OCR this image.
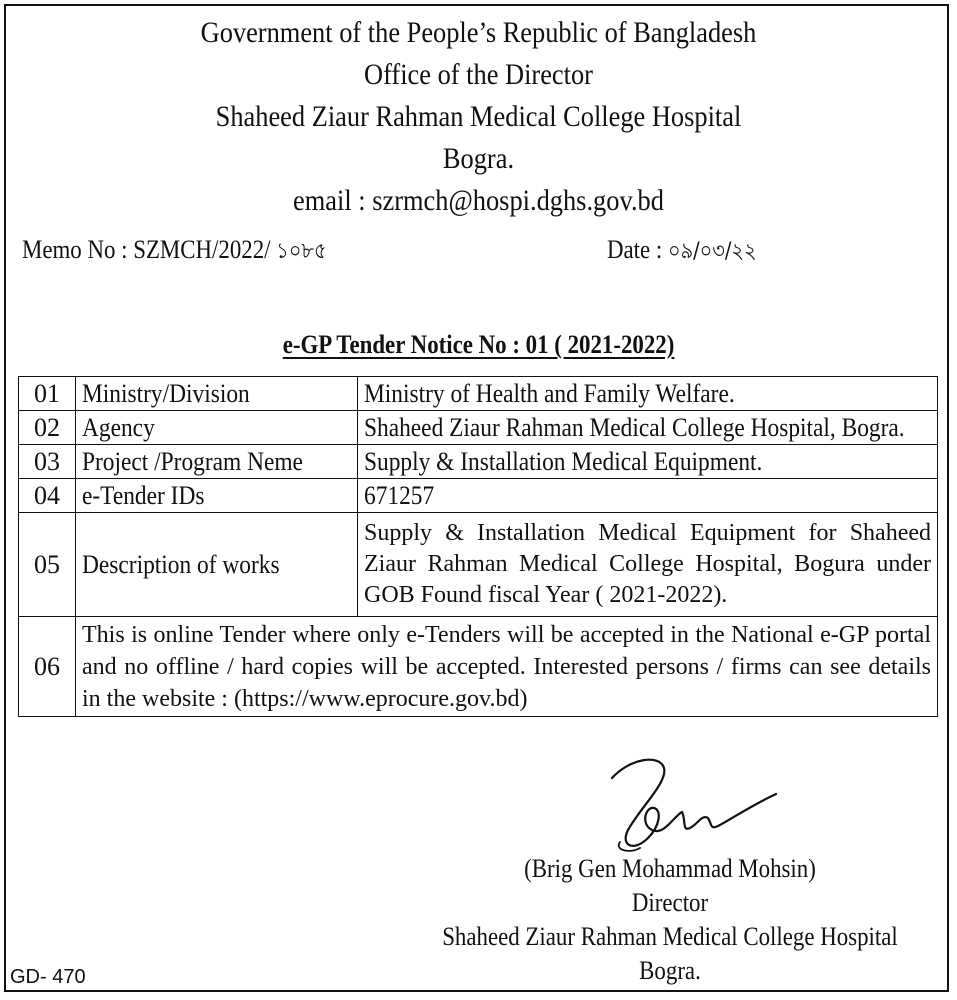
Government of the People’s Republic of Bangladesh
Office of the Director
Shaheed Ziaur Rahman Medical College Hospital
Bogra.
email : szrmch@hospi.dghs.gov.bd
Memo No : SZMCH/2022/ ১০৮৫	Date : ০৯/০৩/২২
e-GP Tender Notice No : 01 ( 2021-2022)
01	Ministry/Division	Ministry of Health and Family Welfare.
02	Agency	Shaheed Ziaur Rahman Medical College Hospital, Bogra.
03	Project /Program Neme	Supply & Installation Medical Equipment.
04	e-Tender IDs	671257
05	Description of works	Supply & Installation Medical Equipment for Shaheed Ziaur Rahman Medical College Hospital, Bogura under GOB Found fiscal Year ( 2021-2022).
06	This is online Tender where only e-Tenders will be accepted in the National e-GP portal and no offline / hard copies will be accepted. Interested persons / firms can see details in the website : (https://www.eprocure.gov.bd)	
(Brig Gen Mohammad Mohsin)
Director
Shaheed Ziaur Rahman Medical College Hospital
Bogra.
GD- 470
